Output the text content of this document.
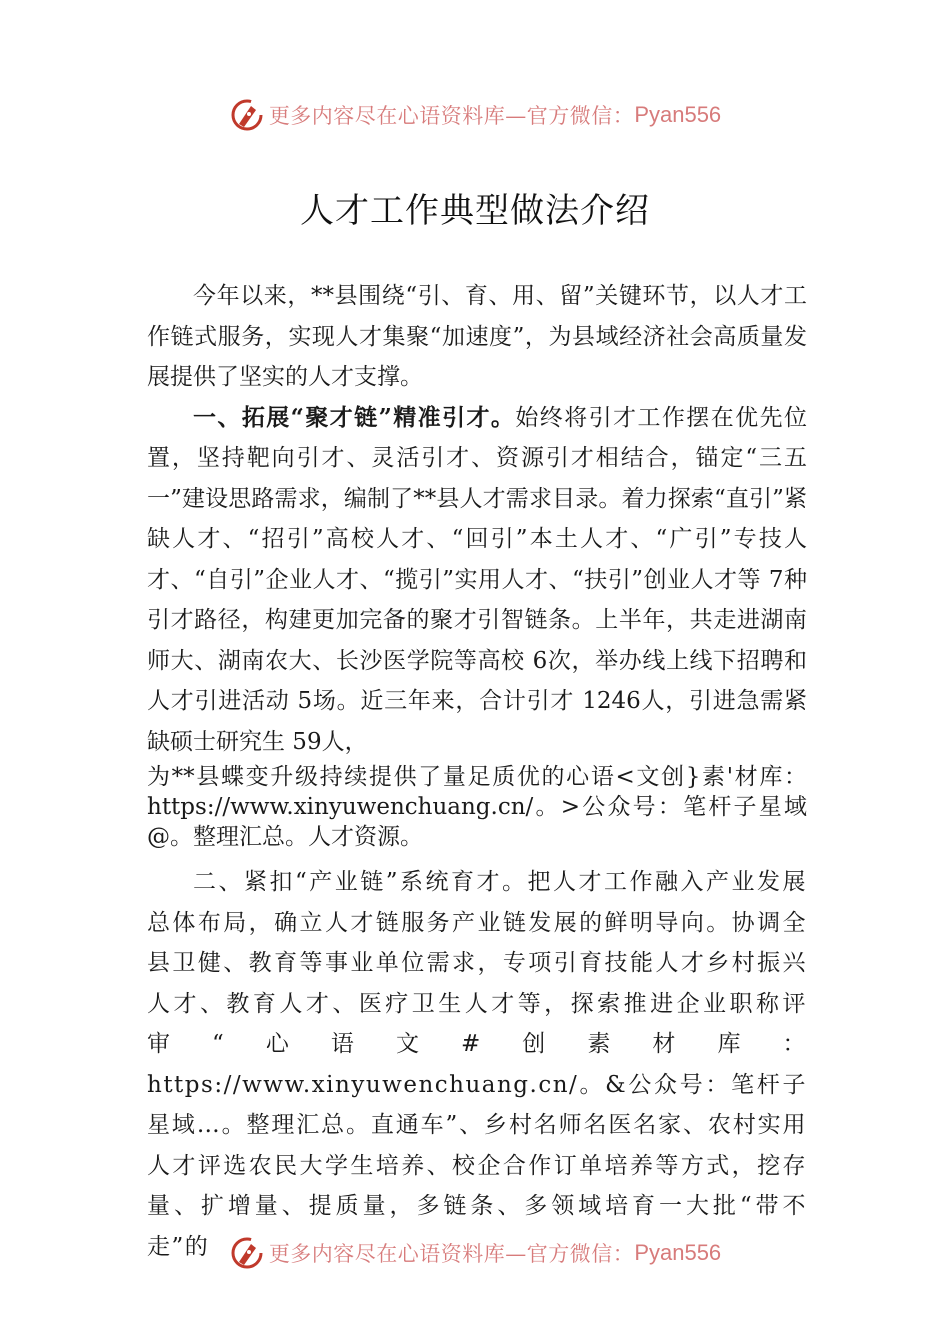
更多内容尽在心语资料库—官方微信： Pyan556
人才工作典型做法介绍

今年以来，**县围绕“引、育、用、留”关键环节，以人才工作链式服务，实现人才集聚“加速度”，为县域经济社会高质量发展提供了坚实的人才支撑。

一、拓展“聚才链”精准引才。始终将引才工作摆在优先位置，坚持靶向引才、灵活引才、资源引才相结合，锚定“三五一”建设思路需求，编制了**县人才需求目录。着力探索“直引”紧缺人才、“招引”高校人才、“回引”本土人才、“广引”专技人才、“自引”企业人才、“揽引”实用人才、“扶引”创业人才等 7种引才路径，构建更加完备的聚才引智链条。上半年，共走进湖南师大、湖南农大、长沙医学院等高校 6次，举办线上线下招聘和人才引进活动 5场。近三年来，合计引才 1246人，引进急需紧缺硕士研究生 59人，

为**县蝶变升级持续提供了量足质优的心语<文创}素'材库：https://www.xinyuwenchuang.cn/。>公众号：笔杆子星域@。整理汇总。人才资源。

二、紧扣“产业链”系统育才。把人才工作融入产业发展总体布局，确立人才链服务产业链发展的鲜明导向。协调全县卫健、教育等事业单位需求，专项引育技能人才乡村振兴人才、教育人才、医疗卫生人才等，探索推进企业职称评审“心语文#创素材库：https://www.xinyuwenchuang.cn/。&公众号：笔杆子星域…。整理汇总。直通车”、乡村名师名医名家、农村实用人才评选农民大学生培养、校企合作订单培养等方式，挖存量、扩增量、提质量，多链条、多领域培育一大批“带不走”的	更多内容尽在心语资料库—官方微信： Pyan556
